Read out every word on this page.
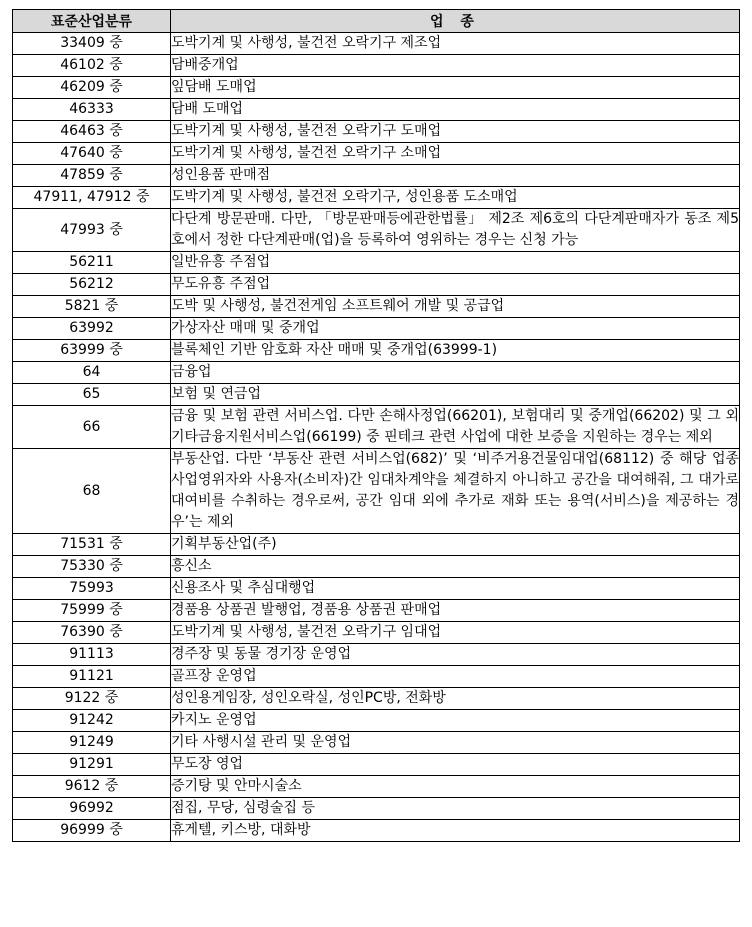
표준산업분류	업 종
33409 중	도박기계 및 사행성, 불건전 오락기구 제조업
46102 중	담배중개업
46209 중	잎담배 도매업
46333	담배 도매업
46463 중	도박기계 및 사행성, 불건전 오락기구 도매업
47640 중	도박기계 및 사행성, 불건전 오락기구 소매업
47859 중	성인용품 판매점
47911, 47912 중	도박기계 및 사행성, 불건전 오락기구, 성인용품 도소매업
47993 중	다단계 방문판매. 다만, 「방문판매등에관한법률」 제2조 제6호의 다단계판매자가 동조 제5호에서 정한 다단계판매(업)을 등록하여 영위하는 경우는 신청 가능
56211	일반유흥 주점업
56212	무도유흥 주점업
5821 중	도박 및 사행성, 불건전게임 소프트웨어 개발 및 공급업
63992	가상자산 매매 및 중개업
63999 중	블록체인 기반 암호화 자산 매매 및 중개업(63999-1)
64	금융업
65	보험 및 연금업
66	금융 및 보험 관련 서비스업. 다만 손해사정업(66201), 보험대리 및 중개업(66202) 및 그 외 기타금융지원서비스업(66199) 중 핀테크 관련 사업에 대한 보증을 지원하는 경우는 제외
68	부동산업. 다만 ‘부동산 관련 서비스업(682)’ 및 ‘비주거용건물임대업(68112) 중 해당 업종 사업영위자와 사용자(소비자)간 임대차계약을 체결하지 아니하고 공간을 대여해줘, 그 대가로 대여비를 수취하는 경우로써, 공간 임대 외에 추가로 재화 또는 용역(서비스)을 제공하는 경우’는 제외
71531 중	기획부동산업(주)
75330 중	흥신소
75993	신용조사 및 추심대행업
75999 중	경품용 상품권 발행업, 경품용 상품권 판매업
76390 중	도박기계 및 사행성, 불건전 오락기구 임대업
91113	경주장 및 동물 경기장 운영업
91121	골프장 운영업
9122 중	성인용게임장, 성인오락실, 성인PC방, 전화방
91242	카지노 운영업
91249	기타 사행시설 관리 및 운영업
91291	무도장 영업
9612 중	증기탕 및 안마시술소
96992	점집, 무당, 심령술집 등
96999 중	휴게텔, 키스방, 대화방
